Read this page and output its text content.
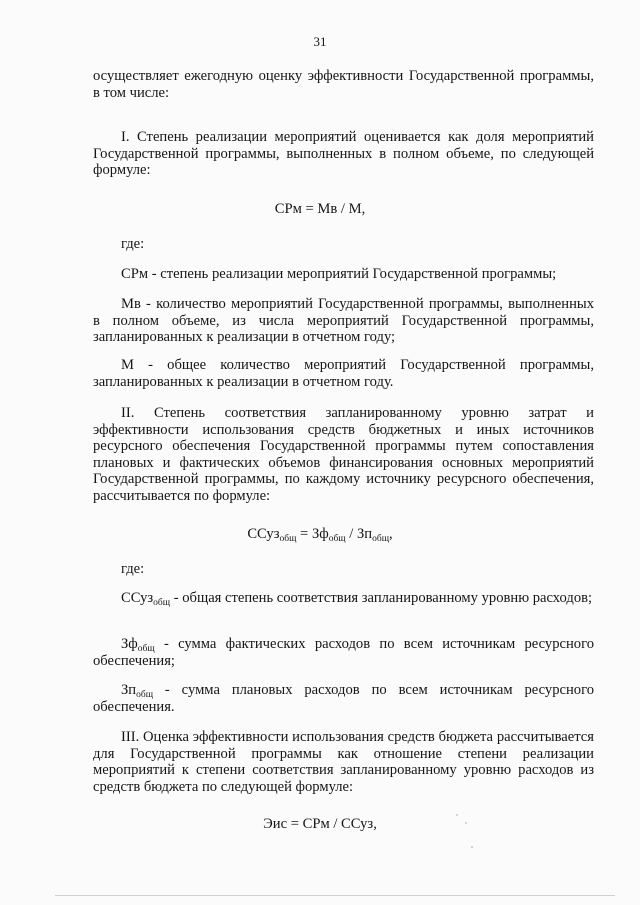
31
осуществляет ежегодную оценку эффективности Государственной программы, в том числе:
I. Степень реализации мероприятий оценивается как доля мероприятий Государственной программы, выполненных в полном объеме, по следующей формуле:
СРм = Мв / М,
где:
СРм - степень реализации мероприятий Государственной программы;
Мв - количество мероприятий Государственной программы, выполненных в полном объеме, из числа мероприятий Государственной программы, запланированных к реализации в отчетном году;
М - общее количество мероприятий Государственной программы, запланированных к реализации в отчетном году.
II. Степень соответствия запланированному уровню затрат и эффективности использования средств бюджетных и иных источников ресурсного обеспечения Государственной программы путем сопоставления плановых и фактических объемов финансирования основных мероприятий Государственной программы, по каждому источнику ресурсного обеспечения, рассчитывается по формуле:
ССуз$_{общ}$ = $Зф_{общ} / Зп_{общ}$,
где:
ССуз$_{общ}$ - общая степень соответствия запланированному уровню расходов;
$Зф_{общ}$ - сумма фактических расходов по всем источникам ресурсного обеспечения;
$Зп_{общ}$ - сумма плановых расходов по всем источникам ресурсного обеспечения.
III. Оценка эффективности использования средств бюджета рассчитывается для Государственной программы как отношение степени реализации мероприятий к степени соответствия запланированному уровню расходов из средств бюджета по следующей формуле:
Эис = СРм / ССуз,
